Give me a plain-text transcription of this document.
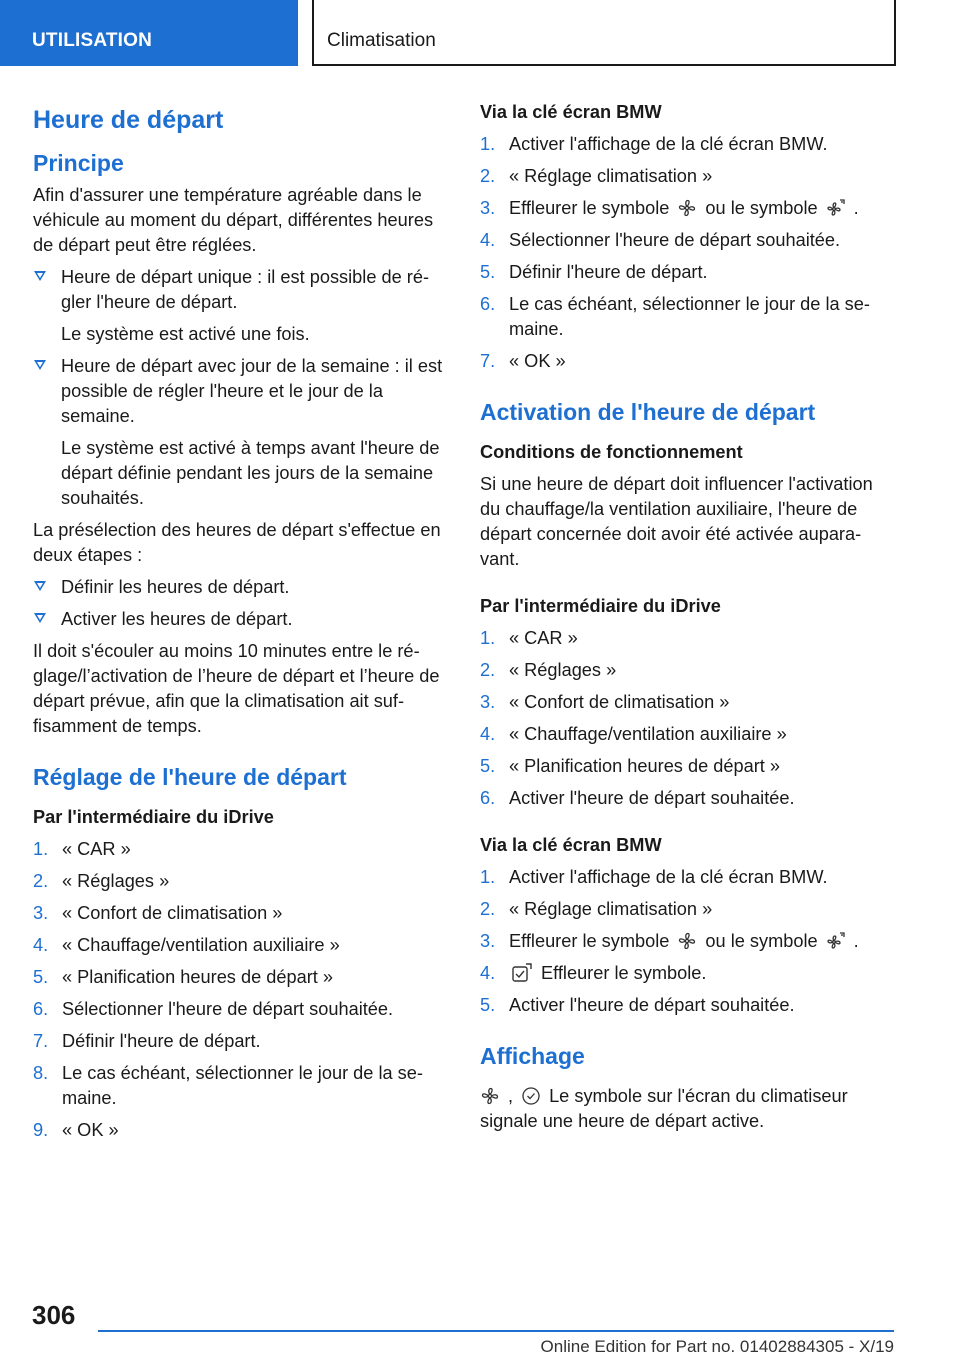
UTILISATION	Climatisation
Heure de départ
Principe

Afin d'assurer une température agréable dans le véhicule au moment du départ, différentes heures de départ peut être réglées.

Heure de départ unique : il est possible de régler l'heure de départ.
Le système est activé une fois.
Heure de départ avec jour de la semaine : il est possible de régler l'heure et le jour de la semaine.
Le système est activé à temps avant l'heure de départ définie pendant les jours de la semaine souhaités.

La présélection des heures de départ s'effectue en deux étapes :

Définir les heures de départ.
Activer les heures de départ.

Il doit s'écouler au moins 10 minutes entre le réglage/l’activation de l’heure de départ et l’heure de départ prévue, afin que la climatisation ait suffisamment de temps.

Réglage de l'heure de départ
Par l'intermédiaire du iDrive
1. « CAR »
2. « Réglages »
3. « Confort de climatisation »
4. « Chauffage/ventilation auxiliaire »
5. « Planification heures de départ »
6. Sélectionner l'heure de départ souhaitée.
7. Définir l'heure de départ.
8. Le cas échéant, sélectionner le jour de la semaine.
9. « OK »
Via la clé écran BMW
1. Activer l'affichage de la clé écran BMW.
2. « Réglage climatisation »
3. Effleurer le symbole ou le symbole .
4. Sélectionner l'heure de départ souhaitée.
5. Définir l'heure de départ.
6. Le cas échéant, sélectionner le jour de la semaine.
7. « OK »
Activation de l'heure de départ
Conditions de fonctionnement

Si une heure de départ doit influencer l'activation du chauffage/la ventilation auxiliaire, l'heure de départ concernée doit avoir été activée auparavant.

Par l'intermédiaire du iDrive
1. « CAR »
2. « Réglages »
3. « Confort de climatisation »
4. « Chauffage/ventilation auxiliaire »
5. « Planification heures de départ »
6. Activer l'heure de départ souhaitée.
Via la clé écran BMW
1. Activer l'affichage de la clé écran BMW.
2. « Réglage climatisation »
3. Effleurer le symbole ou le symbole .
4.	Effleurer le symbole.
5. Activer l'heure de départ souhaitée.
Affichage

, Le symbole sur l'écran du climatiseur signale une heure de départ active.

306
Online Edition for Part no. 01402884305 - X/19
